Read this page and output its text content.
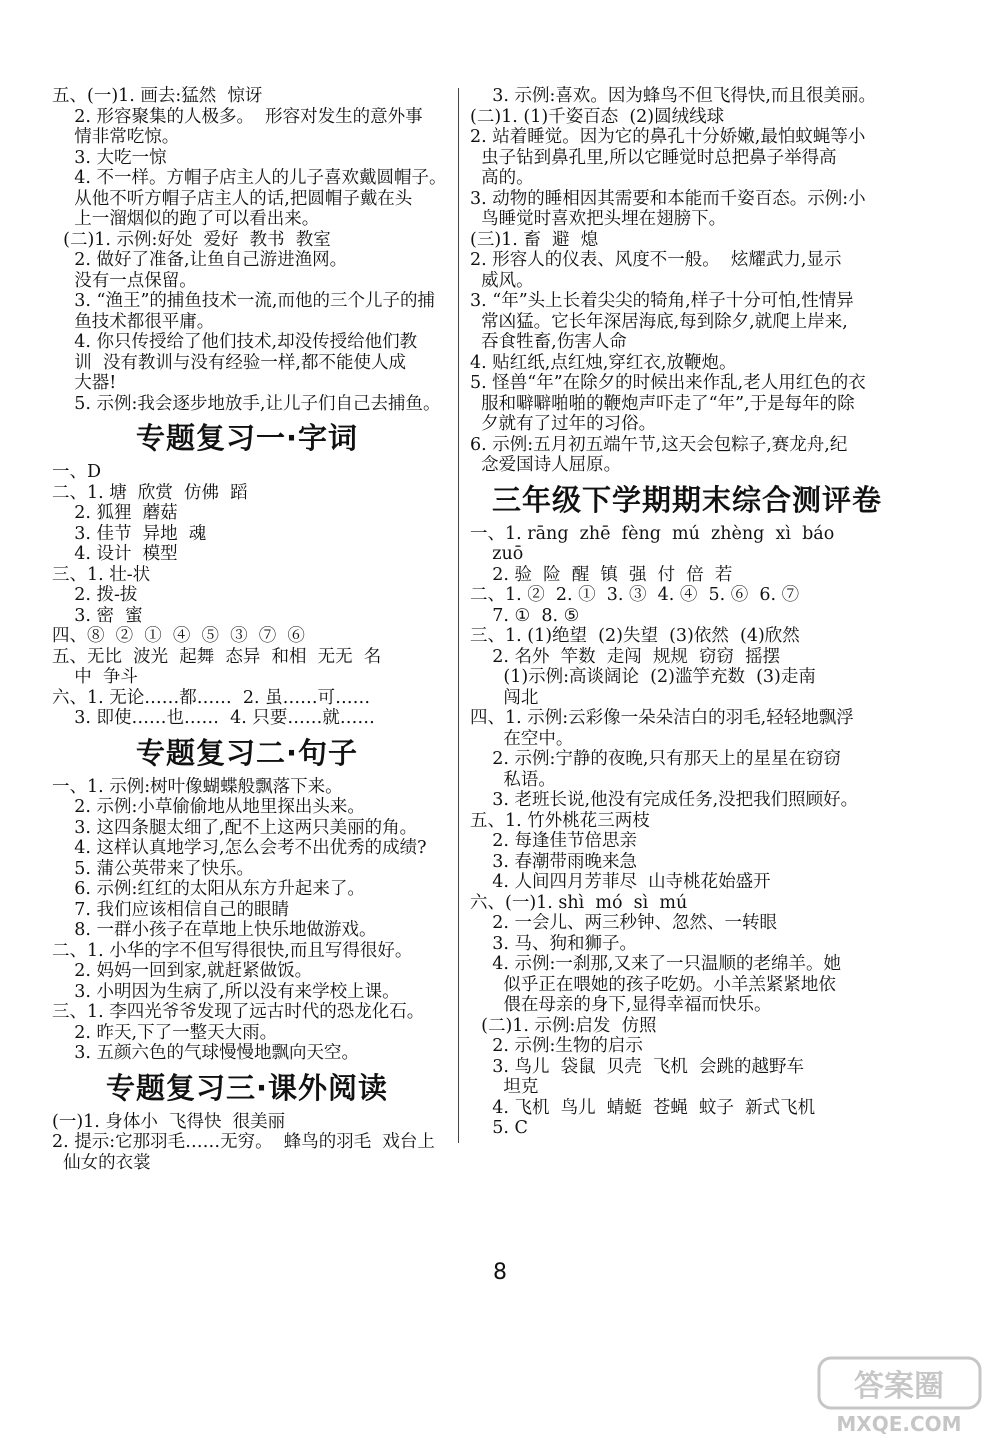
五、(一)1. 画去:猛然  惊讶
2. 形容聚集的人极多。  形容对发生的意外事
情非常吃惊。
3. 大吃一惊
4. 不一样。方帽子店主人的儿子喜欢戴圆帽子。
从他不听方帽子店主人的话,把圆帽子戴在头
上一溜烟似的跑了可以看出来。
(二)1. 示例:好处  爱好  教书  教室
2. 做好了准备,让鱼自己游进渔网。
没有一点保留。
3. “渔王”的捕鱼技术一流,而他的三个儿子的捕
鱼技术都很平庸。
4. 你只传授给了他们技术,却没传授给他们教
训  没有教训与没有经验一样,都不能使人成
大器!
5. 示例:我会逐步地放手,让儿子们自己去捕鱼。
专题复习一·字词
一、D
二、1. 塘  欣赏  仿佛  蹈
2. 狐狸  蘑菇
3. 佳节  异地  魂
4. 设计  模型
三、1. 壮-状
2. 拨-拔
3. 密  蜜
四、⑧  ②  ①  ④  ⑤  ③  ⑦  ⑥
五、无比  波光  起舞  态异  和相  无无  名
中  争斗
六、1. 无论……都……  2. 虽……可……
3. 即使……也……  4. 只要……就……
专题复习二·句子
一、1. 示例:树叶像蝴蝶般飘落下来。
2. 示例:小草偷偷地从地里探出头来。
3. 这四条腿太细了,配不上这两只美丽的角。
4. 这样认真地学习,怎么会考不出优秀的成绩?
5. 蒲公英带来了快乐。
6. 示例:红红的太阳从东方升起来了。
7. 我们应该相信自己的眼睛
8. 一群小孩子在草地上快乐地做游戏。
二、1. 小华的字不但写得很快,而且写得很好。
2. 妈妈一回到家,就赶紧做饭。
3. 小明因为生病了,所以没有来学校上课。
三、1. 李四光爷爷发现了远古时代的恐龙化石。
2. 昨天,下了一整天大雨。
3. 五颜六色的气球慢慢地飘向天空。
专题复习三·课外阅读
(一)1. 身体小  飞得快  很美丽
2. 提示:它那羽毛……无穷。  蜂鸟的羽毛  戏台上
仙女的衣裳
3. 示例:喜欢。因为蜂鸟不但飞得快,而且很美丽。
(二)1. (1)千姿百态  (2)圆绒线球
2. 站着睡觉。因为它的鼻孔十分娇嫩,最怕蚊蝇等小
虫子钻到鼻孔里,所以它睡觉时总把鼻子举得高
高的。
3. 动物的睡相因其需要和本能而千姿百态。示例:小
鸟睡觉时喜欢把头埋在翅膀下。
(三)1. 畜  避  熄
2. 形容人的仪表、风度不一般。  炫耀武力,显示
威风。
3. “年”头上长着尖尖的犄角,样子十分可怕,性情异
常凶猛。它长年深居海底,每到除夕,就爬上岸来,
吞食牲畜,伤害人命
4. 贴红纸,点红烛,穿红衣,放鞭炮。
5. 怪兽“年”在除夕的时候出来作乱,老人用红色的衣
服和噼噼啪啪的鞭炮声吓走了“年”,于是每年的除
夕就有了过年的习俗。
6. 示例:五月初五端午节,这天会包粽子,赛龙舟,纪
念爱国诗人屈原。
三年级下学期期末综合测评卷
一、1. rāng  zhē  fèng  mú  zhèng  xì  báo
zuō
2. 验  险  醒  镇  强  付  倍  若
二、1. ②  2. ①  3. ③  4. ④  5. ⑥  6. ⑦
7. ①  8. ⑤
三、1. (1)绝望  (2)失望  (3)依然  (4)欣然
2. 名外  竿数  走闯  规规  窃窃  摇摆
(1)示例:高谈阔论  (2)滥竽充数  (3)走南
闯北
四、1. 示例:云彩像一朵朵洁白的羽毛,轻轻地飘浮
在空中。
2. 示例:宁静的夜晚,只有那天上的星星在窃窃
私语。
3. 老班长说,他没有完成任务,没把我们照顾好。
五、1. 竹外桃花三两枝
2. 每逢佳节倍思亲
3. 春潮带雨晚来急
4. 人间四月芳菲尽  山寺桃花始盛开
六、(一)1. shì  mó  sì  mú
2. 一会儿、两三秒钟、忽然、一转眼
3. 马、狗和狮子。
4. 示例:一刹那,又来了一只温顺的老绵羊。她
似乎正在喂她的孩子吃奶。小羊羔紧紧地依
偎在母亲的身下,显得幸福而快乐。
(二)1. 示例:启发  仿照
2. 示例:生物的启示
3. 鸟儿  袋鼠  贝壳  飞机  会跳的越野车
坦克
4. 飞机  鸟儿  蜻蜓  苍蝇  蚊子  新式飞机
5. C
8
答案圈
MXQE.COM
